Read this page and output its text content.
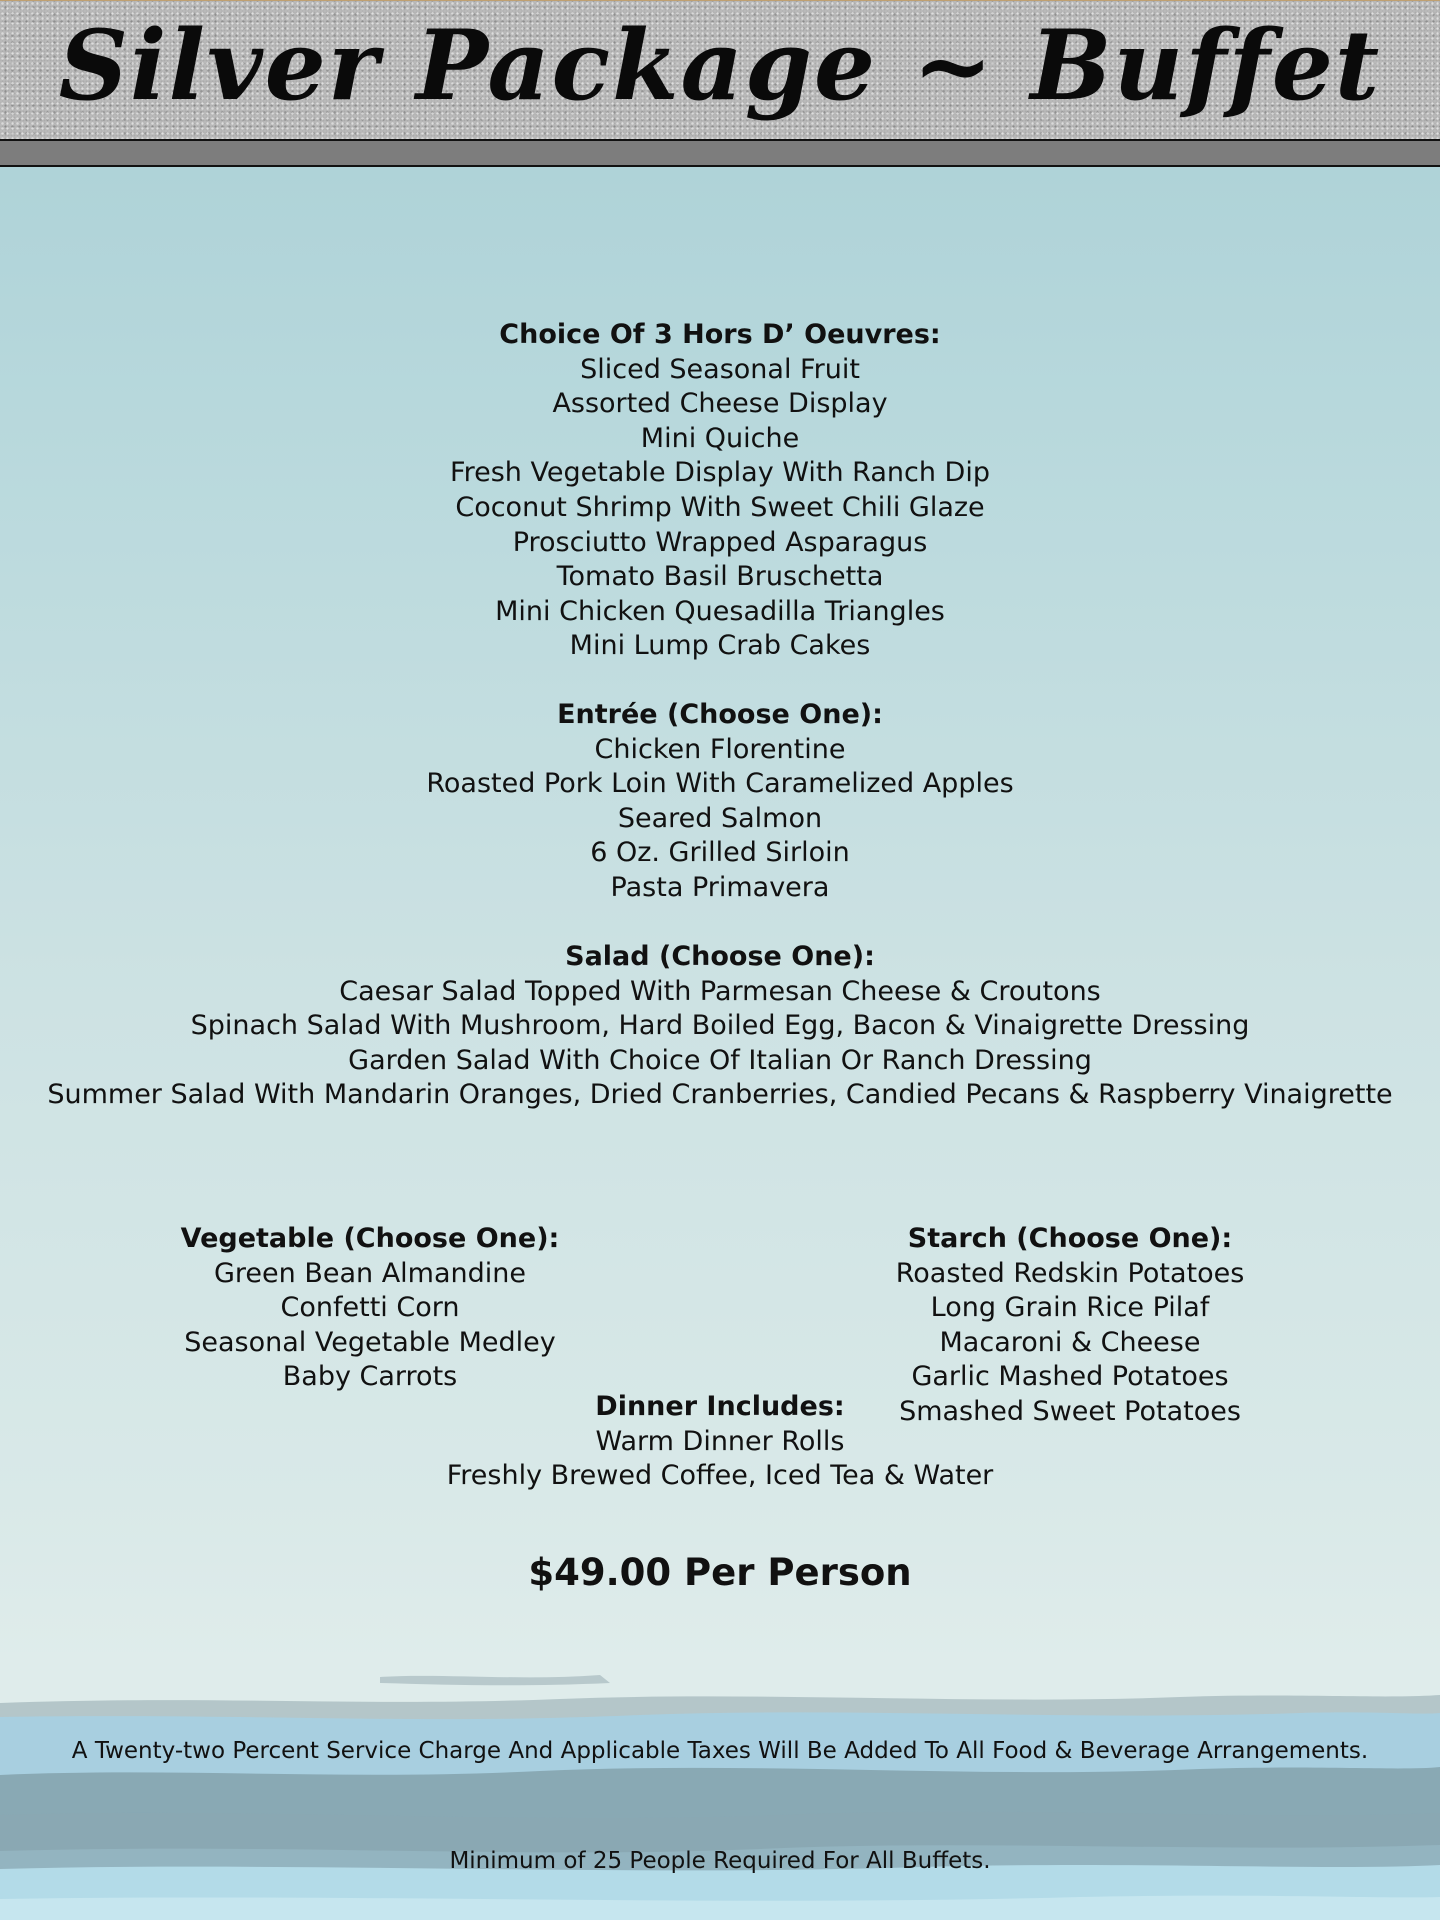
Silver Package ~ Buffet
Choice Of 3 Hors D’ Oeuvres:
Sliced Seasonal Fruit
Assorted Cheese Display
Mini Quiche
Fresh Vegetable Display With Ranch Dip
Coconut Shrimp With Sweet Chili Glaze
Prosciutto Wrapped Asparagus
Tomato Basil Bruschetta
Mini Chicken Quesadilla Triangles
Mini Lump Crab Cakes
Entrée (Choose One):
Chicken Florentine
Roasted Pork Loin With Caramelized Apples
Seared Salmon
6 Oz. Grilled Sirloin
Pasta Primavera
Salad (Choose One):
Caesar Salad Topped With Parmesan Cheese & Croutons
Spinach Salad With Mushroom, Hard Boiled Egg, Bacon & Vinaigrette Dressing
Garden Salad With Choice Of Italian Or Ranch Dressing
Summer Salad With Mandarin Oranges, Dried Cranberries, Candied Pecans & Raspberry Vinaigrette
Vegetable (Choose One):
Green Bean Almandine
Confetti Corn
Seasonal Vegetable Medley
Baby Carrots
Starch (Choose One):
Roasted Redskin Potatoes
Long Grain Rice Pilaf
Macaroni & Cheese
Garlic Mashed Potatoes
Smashed Sweet Potatoes
Dinner Includes:
Warm Dinner Rolls
Freshly Brewed Coffee, Iced Tea & Water
$49.00 Per Person
A Twenty-two Percent Service Charge And Applicable Taxes Will Be Added To All Food & Beverage Arrangements.
Minimum of 25 People Required For All Buffets.
